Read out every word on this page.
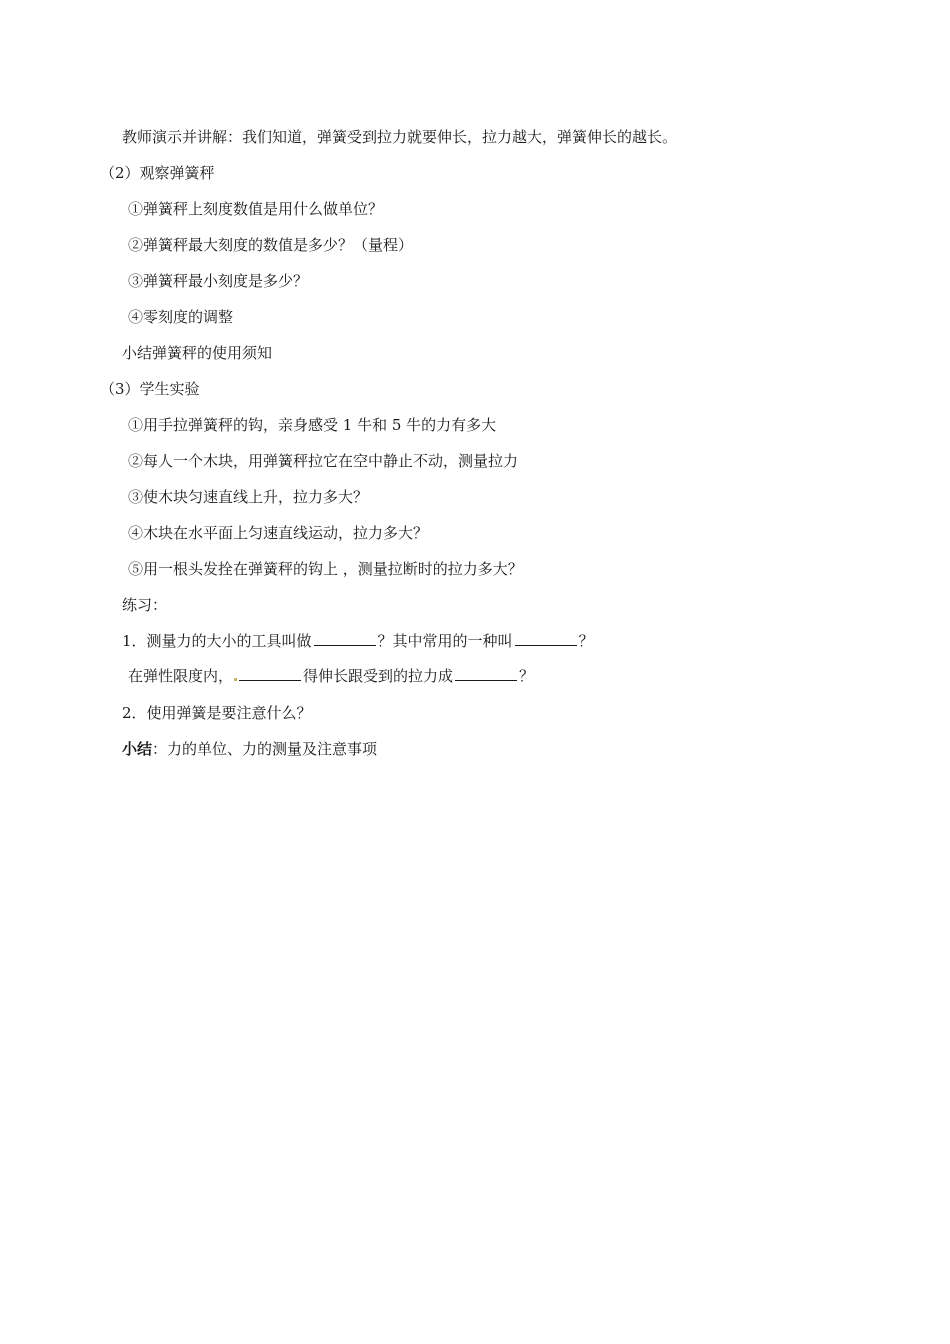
教师演示并讲解：我们知道，弹簧受到拉力就要伸长，拉力越大，弹簧伸长的越长。
（2）观察弹簧秤
①弹簧秤上刻度数值是用什么做单位？
②弹簧秤最大刻度的数值是多少？（量程）
③弹簧秤最小刻度是多少？
④零刻度的调整
小结弹簧秤的使用须知
（3）学生实验
①用手拉弹簧秤的钩，亲身感受 1 牛和 5 牛的力有多大
②每人一个木块，用弹簧秤拉它在空中静止不动，测量拉力
③使木块匀速直线上升，拉力多大？
④木块在水平面上匀速直线运动，拉力多大？
⑤用一根头发拴在弹簧秤的钩上 ，测量拉断时的拉力多大？
练习：
1．测量力的大小的工具叫做	？其中常用的一种叫	？
在弹性限度内，	得伸长跟受到的拉力成	？
2．使用弹簧是要注意什么？
小结：力的单位、力的测量及注意事项
